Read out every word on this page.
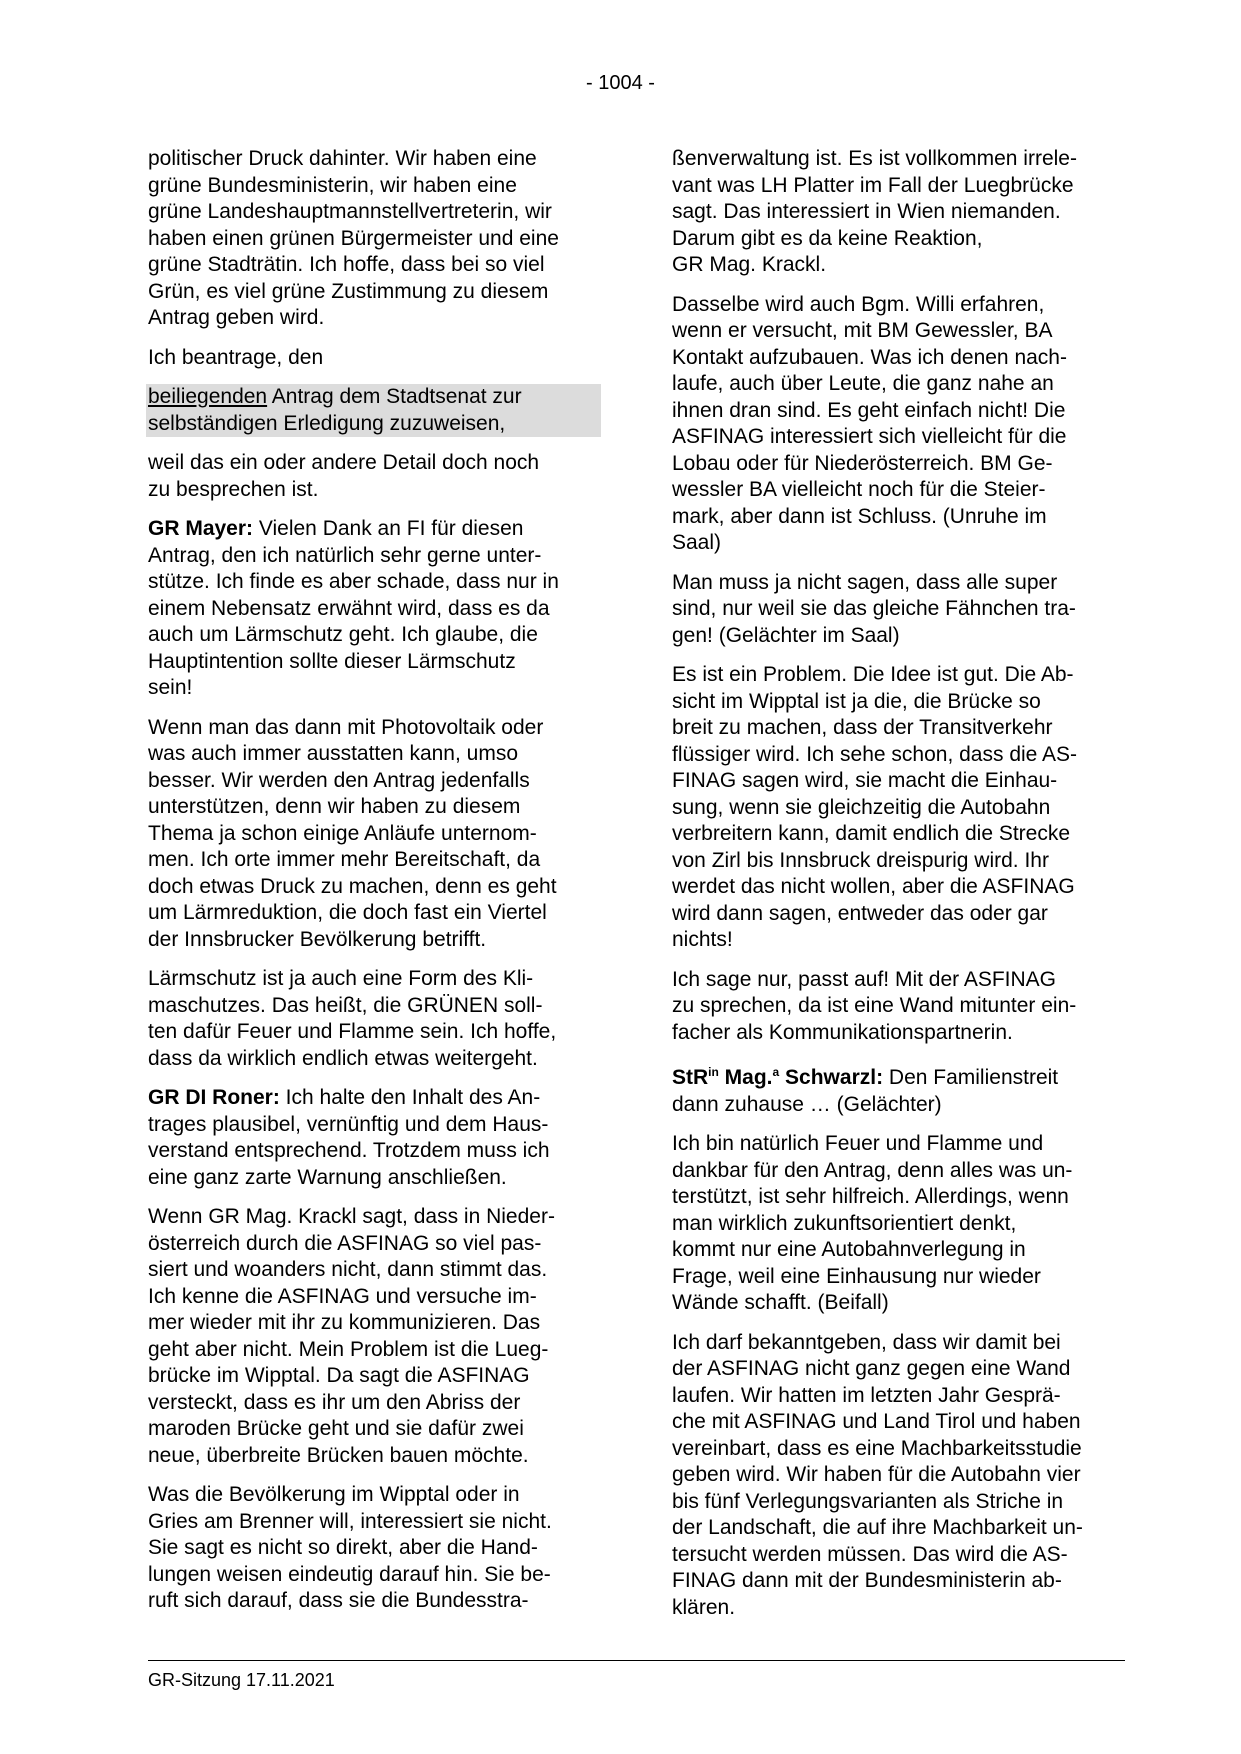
- 1004 -
politischer Druck dahinter. Wir haben eine
grüne Bundesministerin, wir haben eine
grüne Landeshauptmannstellvertreterin, wir
haben einen grünen Bürgermeister und eine
grüne Stadträtin. Ich hoffe, dass bei so viel
Grün, es viel grüne Zustimmung zu diesem
Antrag geben wird.
Ich beantrage, den
beiliegenden Antrag dem Stadtsenat zur
selbständigen Erledigung zuzuweisen,
weil das ein oder andere Detail doch noch
zu besprechen ist.
GR Mayer: Vielen Dank an FI für diesen
Antrag, den ich natürlich sehr gerne unter-
stütze. Ich finde es aber schade, dass nur in
einem Nebensatz erwähnt wird, dass es da
auch um Lärmschutz geht. Ich glaube, die
Hauptintention sollte dieser Lärmschutz
sein!
Wenn man das dann mit Photovoltaik oder
was auch immer ausstatten kann, umso
besser. Wir werden den Antrag jedenfalls
unterstützen, denn wir haben zu diesem
Thema ja schon einige Anläufe unternom-
men. Ich orte immer mehr Bereitschaft, da
doch etwas Druck zu machen, denn es geht
um Lärmreduktion, die doch fast ein Viertel
der Innsbrucker Bevölkerung betrifft.
Lärmschutz ist ja auch eine Form des Kli-
maschutzes. Das heißt, die GRÜNEN soll-
ten dafür Feuer und Flamme sein. Ich hoffe,
dass da wirklich endlich etwas weitergeht.
GR DI Roner: Ich halte den Inhalt des An-
trages plausibel, vernünftig und dem Haus-
verstand entsprechend. Trotzdem muss ich
eine ganz zarte Warnung anschließen.
Wenn GR Mag. Krackl sagt, dass in Nieder-
österreich durch die ASFINAG so viel pas-
siert und woanders nicht, dann stimmt das.
Ich kenne die ASFINAG und versuche im-
mer wieder mit ihr zu kommunizieren. Das
geht aber nicht. Mein Problem ist die Lueg-
brücke im Wipptal. Da sagt die ASFINAG
versteckt, dass es ihr um den Abriss der
maroden Brücke geht und sie dafür zwei
neue, überbreite Brücken bauen möchte.
Was die Bevölkerung im Wipptal oder in
Gries am Brenner will, interessiert sie nicht.
Sie sagt es nicht so direkt, aber die Hand-
lungen weisen eindeutig darauf hin. Sie be-
ruft sich darauf, dass sie die Bundesstra-
ßenverwaltung ist. Es ist vollkommen irrele-
vant was LH Platter im Fall der Luegbrücke
sagt. Das interessiert in Wien niemanden.
Darum gibt es da keine Reaktion,
GR Mag. Krackl.
Dasselbe wird auch Bgm. Willi erfahren,
wenn er versucht, mit BM Gewessler, BA
Kontakt aufzubauen. Was ich denen nach-
laufe, auch über Leute, die ganz nahe an
ihnen dran sind. Es geht einfach nicht! Die
ASFINAG interessiert sich vielleicht für die
Lobau oder für Niederösterreich. BM Ge-
wessler BA vielleicht noch für die Steier-
mark, aber dann ist Schluss. (Unruhe im
Saal)
Man muss ja nicht sagen, dass alle super
sind, nur weil sie das gleiche Fähnchen tra-
gen! (Gelächter im Saal)
Es ist ein Problem. Die Idee ist gut. Die Ab-
sicht im Wipptal ist ja die, die Brücke so
breit zu machen, dass der Transitverkehr
flüssiger wird. Ich sehe schon, dass die AS-
FINAG sagen wird, sie macht die Einhau-
sung, wenn sie gleichzeitig die Autobahn
verbreitern kann, damit endlich die Strecke
von Zirl bis Innsbruck dreispurig wird. Ihr
werdet das nicht wollen, aber die ASFINAG
wird dann sagen, entweder das oder gar
nichts!
Ich sage nur, passt auf! Mit der ASFINAG
zu sprechen, da ist eine Wand mitunter ein-
facher als Kommunikationspartnerin.
StR$^{in}$ Mag.$^a$ Schwarzl: Den Familienstreit
dann zuhause … (Gelächter)
Ich bin natürlich Feuer und Flamme und
dankbar für den Antrag, denn alles was un-
terstützt, ist sehr hilfreich. Allerdings, wenn
man wirklich zukunftsorientiert denkt,
kommt nur eine Autobahnverlegung in
Frage, weil eine Einhausung nur wieder
Wände schafft. (Beifall)
Ich darf bekanntgeben, dass wir damit bei
der ASFINAG nicht ganz gegen eine Wand
laufen. Wir hatten im letzten Jahr Gesprä-
che mit ASFINAG und Land Tirol und haben
vereinbart, dass es eine Machbarkeitsstudie
geben wird. Wir haben für die Autobahn vier
bis fünf Verlegungsvarianten als Striche in
der Landschaft, die auf ihre Machbarkeit un-
tersucht werden müssen. Das wird die AS-
FINAG dann mit der Bundesministerin ab-
klären.
GR-Sitzung 17.11.2021
